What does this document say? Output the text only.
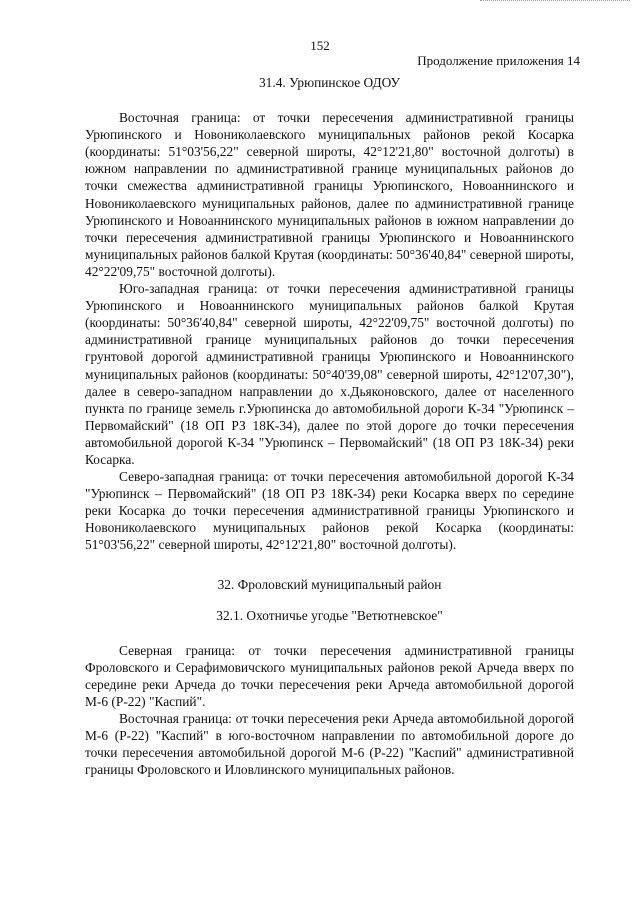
152
Продолжение приложения 14

31.4. Урюпинское ОДОУ

Восточная граница: от точки пересечения административной границы Урюпинского и Новониколаевского муниципальных районов рекой Косарка (координаты: 51°03'56,22" северной широты, 42°12'21,80" восточной долготы) в южном направлении по административной границе муниципальных районов до точки смежества административной границы Урюпинского, Новоаннинского и Новониколаевского муниципальных районов, далее по административной границе Урюпинского и Новоаннинского муниципальных районов в южном направлении до точки пересечения административной границы Урюпинского и Новоаннинского муниципальных районов балкой Крутая (координаты: 50°36'40,84" северной широты, 42°22'09,75" восточной долготы).

Юго-западная граница: от точки пересечения административной границы Урюпинского и Новоаннинского муниципальных районов балкой Крутая (координаты: 50°36'40,84" северной широты, 42°22'09,75" восточной долготы) по административной границе муниципальных районов до точки пересечения грунтовой дорогой административной границы Урюпинского и Новоаннинского муниципальных районов (координаты: 50°40'39,08" северной широты, 42°12'07,30"), далее в северо-западном направлении до х.Дьяконовского, далее от населенного пункта по границе земель г.Урюпинска до автомобильной дороги К-34 "Урюпинск – Первомайский" (18 ОП РЗ 18К-34), далее по этой дороге до точки пересечения автомобильной дорогой К-34 "Урюпинск – Первомайский" (18 ОП РЗ 18К-34) реки Косарка.

Северо-западная граница: от точки пересечения автомобильной дорогой К-34 "Урюпинск – Первомайский" (18 ОП РЗ 18К-34) реки Косарка вверх по середине реки Косарка до точки пересечения административной границы Урюпинского и Новониколаевского муниципальных районов рекой Косарка (координаты: 51°03'56,22" северной широты, 42°12'21,80" восточной долготы).

32. Фроловский муниципальный район

32.1. Охотничье угодье "Ветютневское"

Северная граница: от точки пересечения административной границы Фроловского и Серафимовичского муниципальных районов рекой Арчеда вверх по середине реки Арчеда до точки пересечения реки Арчеда автомобильной дорогой М-6 (Р-22) "Каспий".

Восточная граница: от точки пересечения реки Арчеда автомобильной дорогой М-6 (Р-22) "Каспий" в юго-восточном направлении по автомобильной дороге до точки пересечения автомобильной дорогой М-6 (Р-22) "Каспий" административной границы Фроловского и Иловлинского муниципальных районов.
